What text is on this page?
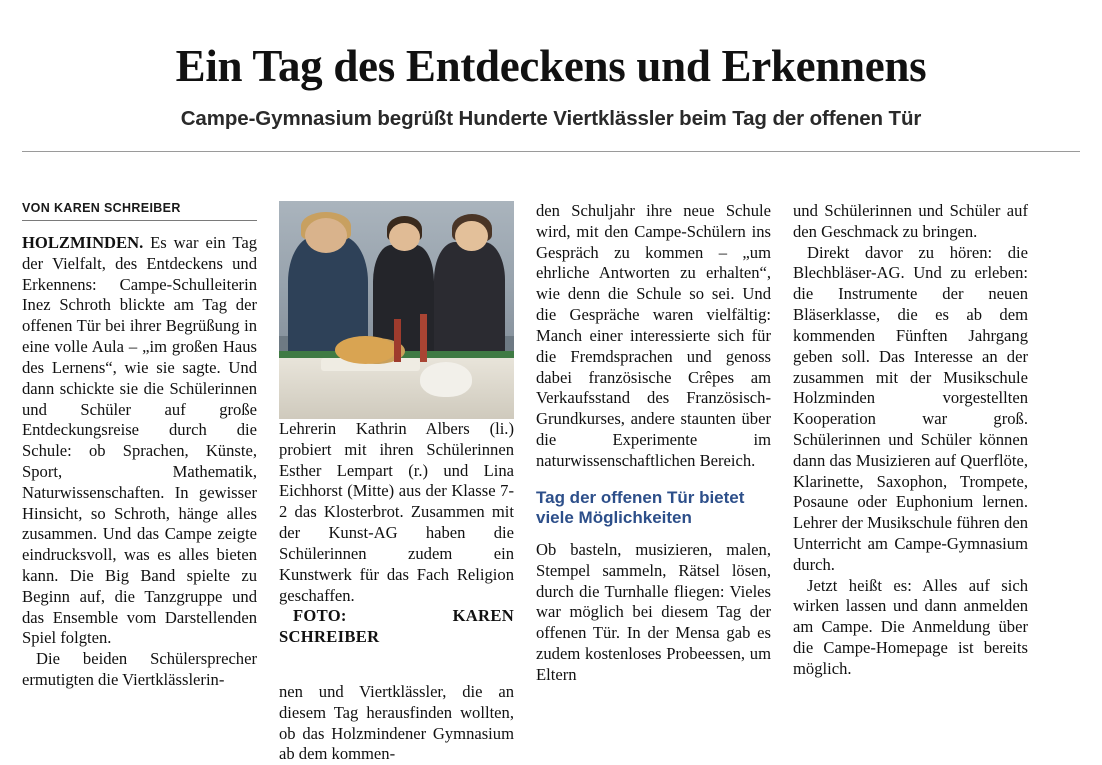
Ein Tag des Entdeckens und Erkennens
Campe-Gymnasium begrüßt Hunderte Viertklässler beim Tag der offenen Tür
VON KAREN SCHREIBER

HOLZMINDEN. Es war ein Tag der Vielfalt, des Entdeckens und Erkennens: Campe-Schulleiterin Inez Schroth blickte am Tag der offenen Tür bei ihrer Begrüßung in eine volle Aula – „im großen Haus des Lernens“, wie sie sagte. Und dann schickte sie die Schülerinnen und Schüler auf große Entdeckungsreise durch die Schule: ob Sprachen, Künste, Sport, Mathematik, Naturwissenschaften. In gewisser Hinsicht, so Schroth, hänge alles zusammen. Und das Campe zeigte eindrucksvoll, was es alles bieten kann. Die Big Band spielte zu Beginn auf, die Tanzgruppe und das Ensemble vom Darstellenden Spiel folgten.

Die beiden Schülersprecher ermutigten die Viertklässlerin-

Lehrerin Kathrin Albers (li.) probiert mit ihren Schülerinnen Esther Lempart (r.) und Lina Eichhorst (Mitte) aus der Klasse 7-2 das Klosterbrot. Zusammen mit der Kunst-AG haben die Schülerinnen zudem ein Kunstwerk für das Fach Religion geschaffen.

FOTO: KAREN SCHREIBER

nen und Viertklässler, die an diesem Tag herausfinden wollten, ob das Holzmindener Gymnasium ab dem kommen-

den Schuljahr ihre neue Schule wird, mit den Campe-Schülern ins Gespräch zu kommen – „um ehrliche Antworten zu erhalten“, wie denn die Schule so sei. Und die Gespräche waren vielfältig: Manch einer interessierte sich für die Fremdsprachen und genoss dabei französische Crêpes am Verkaufsstand des Französisch-Grundkurses, andere staunten über die Experimente im naturwissenschaftlichen Bereich.

Tag der offenen Tür bietet viele Möglichkeiten

Ob basteln, musizieren, malen, Stempel sammeln, Rätsel lösen, durch die Turnhalle fliegen: Vieles war möglich bei diesem Tag der offenen Tür. In der Mensa gab es zudem kostenloses Probeessen, um Eltern

und Schülerinnen und Schüler auf den Geschmack zu bringen.

Direkt davor zu hören: die Blechbläser-AG. Und zu erleben: die Instrumente der neuen Bläserklasse, die es ab dem kommenden Fünften Jahrgang geben soll. Das Interesse an der zusammen mit der Musikschule Holzminden vorgestellten Kooperation war groß. Schülerinnen und Schüler können dann das Musizieren auf Querflöte, Klarinette, Saxophon, Trompete, Posaune oder Euphonium lernen. Lehrer der Musikschule führen den Unterricht am Campe-Gymnasium durch.

Jetzt heißt es: Alles auf sich wirken lassen und dann anmelden am Campe. Die Anmeldung über die Campe-Homepage ist bereits möglich.
